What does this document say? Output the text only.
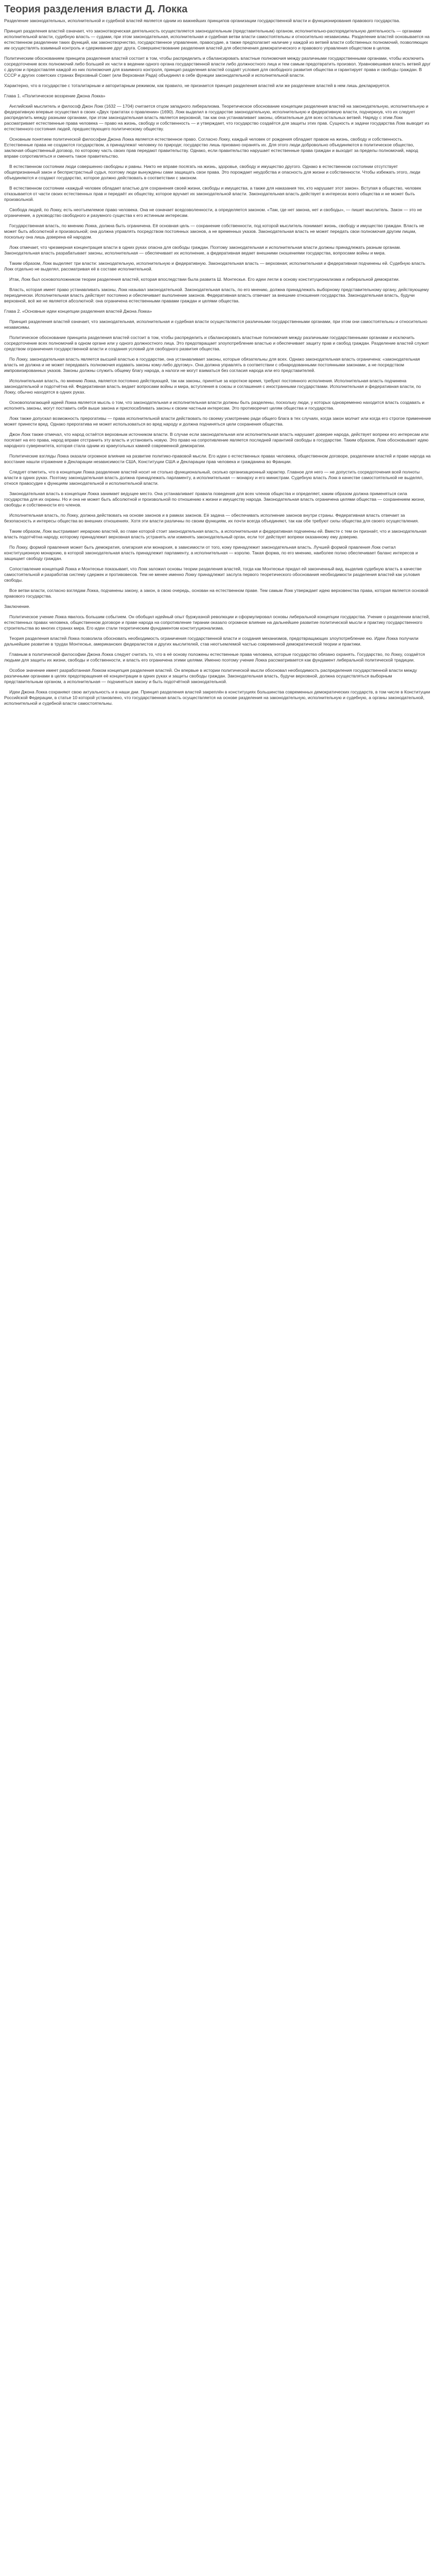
Теория разделения власти Д. Локка

Разделение законодательных, исполнительной и судебной властей является одним из важнейших принципов организации государственной власти и функционирования правового государства.

Принцип разделения властей означает, что законотворческая деятельность осуществляется законодательным (представительным) органом, исполнительно-распорядительную деятельность — органами исполнительной власти, судебную власть — судами, при этом законодательная, исполнительная и судебная ветви власти самостоятельны и относительно независимы. Разделение властей основывается на естественном разделении таких функций, как законотворчество, государственное управление, правосудие, а также предполагает наличие у каждой из ветвей власти собственных полномочий, позволяющих им осуществлять взаимный контроль и сдерживание друг друга. Совершенствование разделения властей для обеспечения демократического и правового управления обществом в целом.

Политическим обоснованием принципа разделения властей состоит в том, чтобы распределить и сбалансировать властные полномочия между различными государственными органами, чтобы исключить сосредоточение всех полномочий либо большей их части в ведении одного органа государственной власти либо должностного лица и тем самым предотвратить произвол. Уравновешивая власть ветвей друг с другом и предоставляя каждой из них полномочия для взаимного контроля, принцип разделения властей создаёт условия для свободного развития общества и гарантирует права и свободы граждан. В СССР и других советских странах Верховный Совет (или Верховная Рада) объединял в себе функции законодательной и исполнительной власти.

Характерно, что в государстве с тоталитарным и авторитарным режимом, как правило, не признается принцип разделения властей или же разделение властей в нем лишь декларируется.

Глава 1. «Политическое воззрение Джона Локка»

Английский мыслитель и философ Джон Локк (1632 — 1704) считается отцом западного либерализма. Теоретическое обоснование концепции разделения властей на законодательную, исполнительную и федеративную впервые осуществил в своих «Двух трактатах о правлении» (1690). Локк выделил в государстве законодательную, исполнительную и федеративную власти, подчеркнув, что их следует распределить между разными органами, при этом законодательная власть является верховной, так как она устанавливает законы, обязательные для всех остальных ветвей. Наряду с этим Локк рассматривает естественные права человека — право на жизнь, свободу и собственность — и утверждает, что государство создаётся для защиты этих прав. Сущность и задачи государства Локк выводит из естественного состояния людей, предшествующего политическому обществу.

Основным понятием политической философии Джона Локка является естественное право. Согласно Локку, каждый человек от рождения обладает правом на жизнь, свободу и собственность. Естественные права не создаются государством, а принадлежат человеку по природе; государство лишь призвано охранять их. Для этого люди добровольно объединяются в политическое общество, заключая общественный договор, по которому часть своих прав передают правительству. Однако, если правительство нарушает естественные права граждан и выходит за пределы полномочий, народ вправе сопротивляться и сменить такое правительство.

В естественном состоянии люди совершенно свободны и равны. Никто не вправе посягать на жизнь, здоровье, свободу и имущество другого. Однако в естественном состоянии отсутствует общепризнанный закон и беспристрастный судья, поэтому люди вынуждены сами защищать свои права. Это порождает неудобства и опасность для жизни и собственности. Чтобы избежать этого, люди объединяются и создают государство, которое должно действовать в соответствии с законом.

В естественном состоянии «каждый человек обладает властью для сохранения своей жизни, свободы и имущества, а также для наказания тех, кто нарушает этот закон». Вступая в общество, человек отказывается от части своих естественных прав и передаёт их обществу, которое вручает их законодательной власти. Законодательная власть действует в интересах всего общества и не может быть произвольной.

Свобода людей, по Локку, есть неотъемлемое право человека. Она не означает вседозволенности, а определяется законом. «Там, где нет закона, нет и свободы», — пишет мыслитель. Закон — это не ограничение, а руководство свободного и разумного существа к его истинным интересам.

Государственная власть, по мнению Локка, должна быть ограничена. Её основная цель — сохранение собственности, под которой мыслитель понимает жизнь, свободу и имущество граждан. Власть не может быть абсолютной и произвольной; она должна управлять посредством постоянных законов, а не временных указов. Законодательная власть не может передать свои полномочия другим лицам, поскольку она лишь доверена ей народом.

Локк отмечает, что чрезмерная концентрация власти в одних руках опасна для свободы граждан. Поэтому законодательная и исполнительная власти должны принадлежать разным органам. Законодательная власть разрабатывает законы, исполнительная — обеспечивает их исполнение, а федеративная ведает внешними сношениями государства, вопросами войны и мира.

Таким образом, Локк выделяет три власти: законодательную, исполнительную и федеративную. Законодательная власть — верховная; исполнительная и федеративная подчинены ей. Судебную власть Локк отдельно не выделял, рассматривая её в составе исполнительной.

Итак, Локк был основоположником теории разделения властей, которая впоследствии была развита Ш. Монтескье. Его идеи легли в основу конституционализма и либеральной демократии.

Власть, которая имеет право устанавливать законы, Локк называл законодательной. Законодательная власть, по его мнению, должна принадлежать выборному представительному органу, действующему периодически. Исполнительная власть действует постоянно и обеспечивает выполнение законов. Федеративная власть отвечает за внешние отношения государства. Законодательная власть, будучи верховной, всё же не является абсолютной: она ограничена естественными правами граждан и целями общества.

Глава 2. «Основные идеи концепции разделения властей Джона Локка»

Принцип разделения властей означает, что законодательная, исполнительная и судебная власти осуществляются различными государственными органами, при этом они самостоятельны и относительно независимы.

Политическое обоснование принципа разделения властей состоит в том, чтобы распределить и сбалансировать властные полномочия между различными государственными органами и исключить сосредоточение всех полномочий в одном органе или у одного должностного лица. Это предотвращает злоупотребление властью и обеспечивает защиту прав и свобод граждан. Разделение властей служит средством ограничения государственной власти и создания условий для свободного развития общества.

По Локку, законодательная власть является высшей властью в государстве, она устанавливает законы, которые обязательны для всех. Однако законодательная власть ограничена: «законодательная власть не должна и не может передавать полномочия издавать законы кому-либо другому». Она должна управлять в соответствии с обнародованными постоянными законами, а не посредством импровизированных указов. Законы должны служить общему благу народа, а налоги не могут взиматься без согласия народа или его представителей.

Исполнительная власть, по мнению Локка, является постоянно действующей, так как законы, принятые за короткое время, требуют постоянного исполнения. Исполнительная власть подчинена законодательной и подотчётна ей. Федеративная власть ведает вопросами войны и мира, вступления в союзы и соглашения с иностранными государствами. Исполнительная и федеративная власти, по Локку, обычно находятся в одних руках.

Основополагающей идеей Локка является мысль о том, что законодательная и исполнительная власти должны быть разделены, поскольку люди, у которых одновременно находится власть создавать и исполнять законы, могут поставить себя выше закона и приспосабливать законы к своим частным интересам. Это противоречит целям общества и государства.

Локк также допускал возможность прерогативы — права исполнительной власти действовать по своему усмотрению ради общего блага в тех случаях, когда закон молчит или когда его строгое применение может принести вред. Однако прерогатива не может использоваться во вред народу и должна подчиняться цели сохранения общества.

Джон Локк также отмечал, что народ остаётся верховным источником власти. В случае если законодательная или исполнительная власть нарушает доверие народа, действует вопреки его интересам или посягает на его права, народ вправе отстранить эту власть и установить новую. Это право на сопротивление является последней гарантией свободы в государстве. Таким образом, Локк обосновывает идею народного суверенитета, которая стала одним из краеугольных камней современной демократии.

Политические взгляды Локка оказали огромное влияние на развитие политико-правовой мысли. Его идеи о естественных правах человека, общественном договоре, разделении властей и праве народа на восстание нашли отражение в Декларации независимости США, Конституции США и Декларации прав человека и гражданина во Франции.

Следует отметить, что в концепции Локка разделение властей носит не столько функциональный, сколько организационный характер. Главное для него — не допустить сосредоточения всей полноты власти в одних руках. Поэтому законодательная власть должна принадлежать парламенту, а исполнительная — монарху и его министрам. Судебную власть Локк в качестве самостоятельной не выделял, относя правосудие к функциям законодательной и исполнительной власти.

Законодательная власть в концепции Локка занимает ведущее место. Она устанавливает правила поведения для всех членов общества и определяет, каким образом должна применяться сила государства для их охраны. Но и она не может быть абсолютной и произвольной по отношению к жизни и имуществу народа. Законодательная власть ограничена целями общества — сохранением жизни, свободы и собственности его членов.

Исполнительная власть, по Локку, должна действовать на основе законов и в рамках законов. Её задача — обеспечивать исполнение законов внутри страны. Федеративная власть отвечает за безопасность и интересы общества во внешних отношениях. Хотя эти власти различны по своим функциям, их почти всегда объединяют, так как обе требуют силы общества для своего осуществления.

Таким образом, Локк выстраивает иерархию властей, во главе которой стоит законодательная власть, а исполнительная и федеративная подчинены ей. Вместе с тем он признаёт, что и законодательная власть подотчётна народу, которому принадлежит верховная власть устранять или изменять законодательный орган, если тот действует вопреки оказанному ему доверию.

По Локку, формой правления может быть демократия, олигархия или монархия, в зависимости от того, кому принадлежит законодательная власть. Лучшей формой правления Локк считал конституционную монархию, в которой законодательная власть принадлежит парламенту, а исполнительная — королю. Такая форма, по его мнению, наиболее полно обеспечивает баланс интересов и защищает свободу граждан.

Сопоставление концепций Локка и Монтескье показывает, что Локк заложил основы теории разделения властей, тогда как Монтескье придал ей законченный вид, выделив судебную власть в качестве самостоятельной и разработав систему сдержек и противовесов. Тем не менее именно Локку принадлежит заслуга первого теоретического обоснования необходимости разделения властей как условия свободы.

Все ветви власти, согласно взглядам Локка, подчинены закону, а закон, в свою очередь, основан на естественном праве. Тем самым Локк утверждает идею верховенства права, которая является основой правового государства.

Заключение.

Политическое учение Локка явилось большим событием. Он обобщил идейный опыт буржуазной революции и сформулировал основы либеральной концепции государства. Учение о разделении властей, естественных правах человека, общественном договоре и праве народа на сопротивление тирании оказало огромное влияние на дальнейшее развитие политической мысли и практику государственного строительства во многих странах мира. Его идеи стали теоретическим фундаментом конституционализма.

Теория разделения властей Локка позволила обосновать необходимость ограничения государственной власти и создания механизмов, предотвращающих злоупотребление ею. Идеи Локка получили дальнейшее развитие в трудах Монтескье, американских федералистов и других мыслителей, став неотъемлемой частью современной демократической теории и практики.

Главным в политической философии Джона Локка следует считать то, что в её основу положены естественные права человека, которые государство обязано охранять. Государство, по Локку, создаётся людьми для защиты их жизни, свободы и собственности, и власть его ограничена этими целями. Именно поэтому учение Локка рассматривается как фундамент либеральной политической традиции.

Особое значение имеет разработанная Локком концепция разделения властей. Он впервые в истории политической мысли обосновал необходимость распределения государственной власти между различными органами в целях предотвращения её концентрации в одних руках и защиты свободы граждан. Законодательная власть, будучи верховной, должна осуществляться выборным представительным органом, а исполнительная — подчиняться закону и быть подотчётной законодательной.

Идеи Джона Локка сохраняют свою актуальность и в наши дни. Принцип разделения властей закреплён в конституциях большинства современных демократических государств, в том числе в Конституции Российской Федерации, в статье 10 которой установлено, что государственная власть осуществляется на основе разделения на законодательную, исполнительную и судебную, а органы законодательной, исполнительной и судебной власти самостоятельны.
